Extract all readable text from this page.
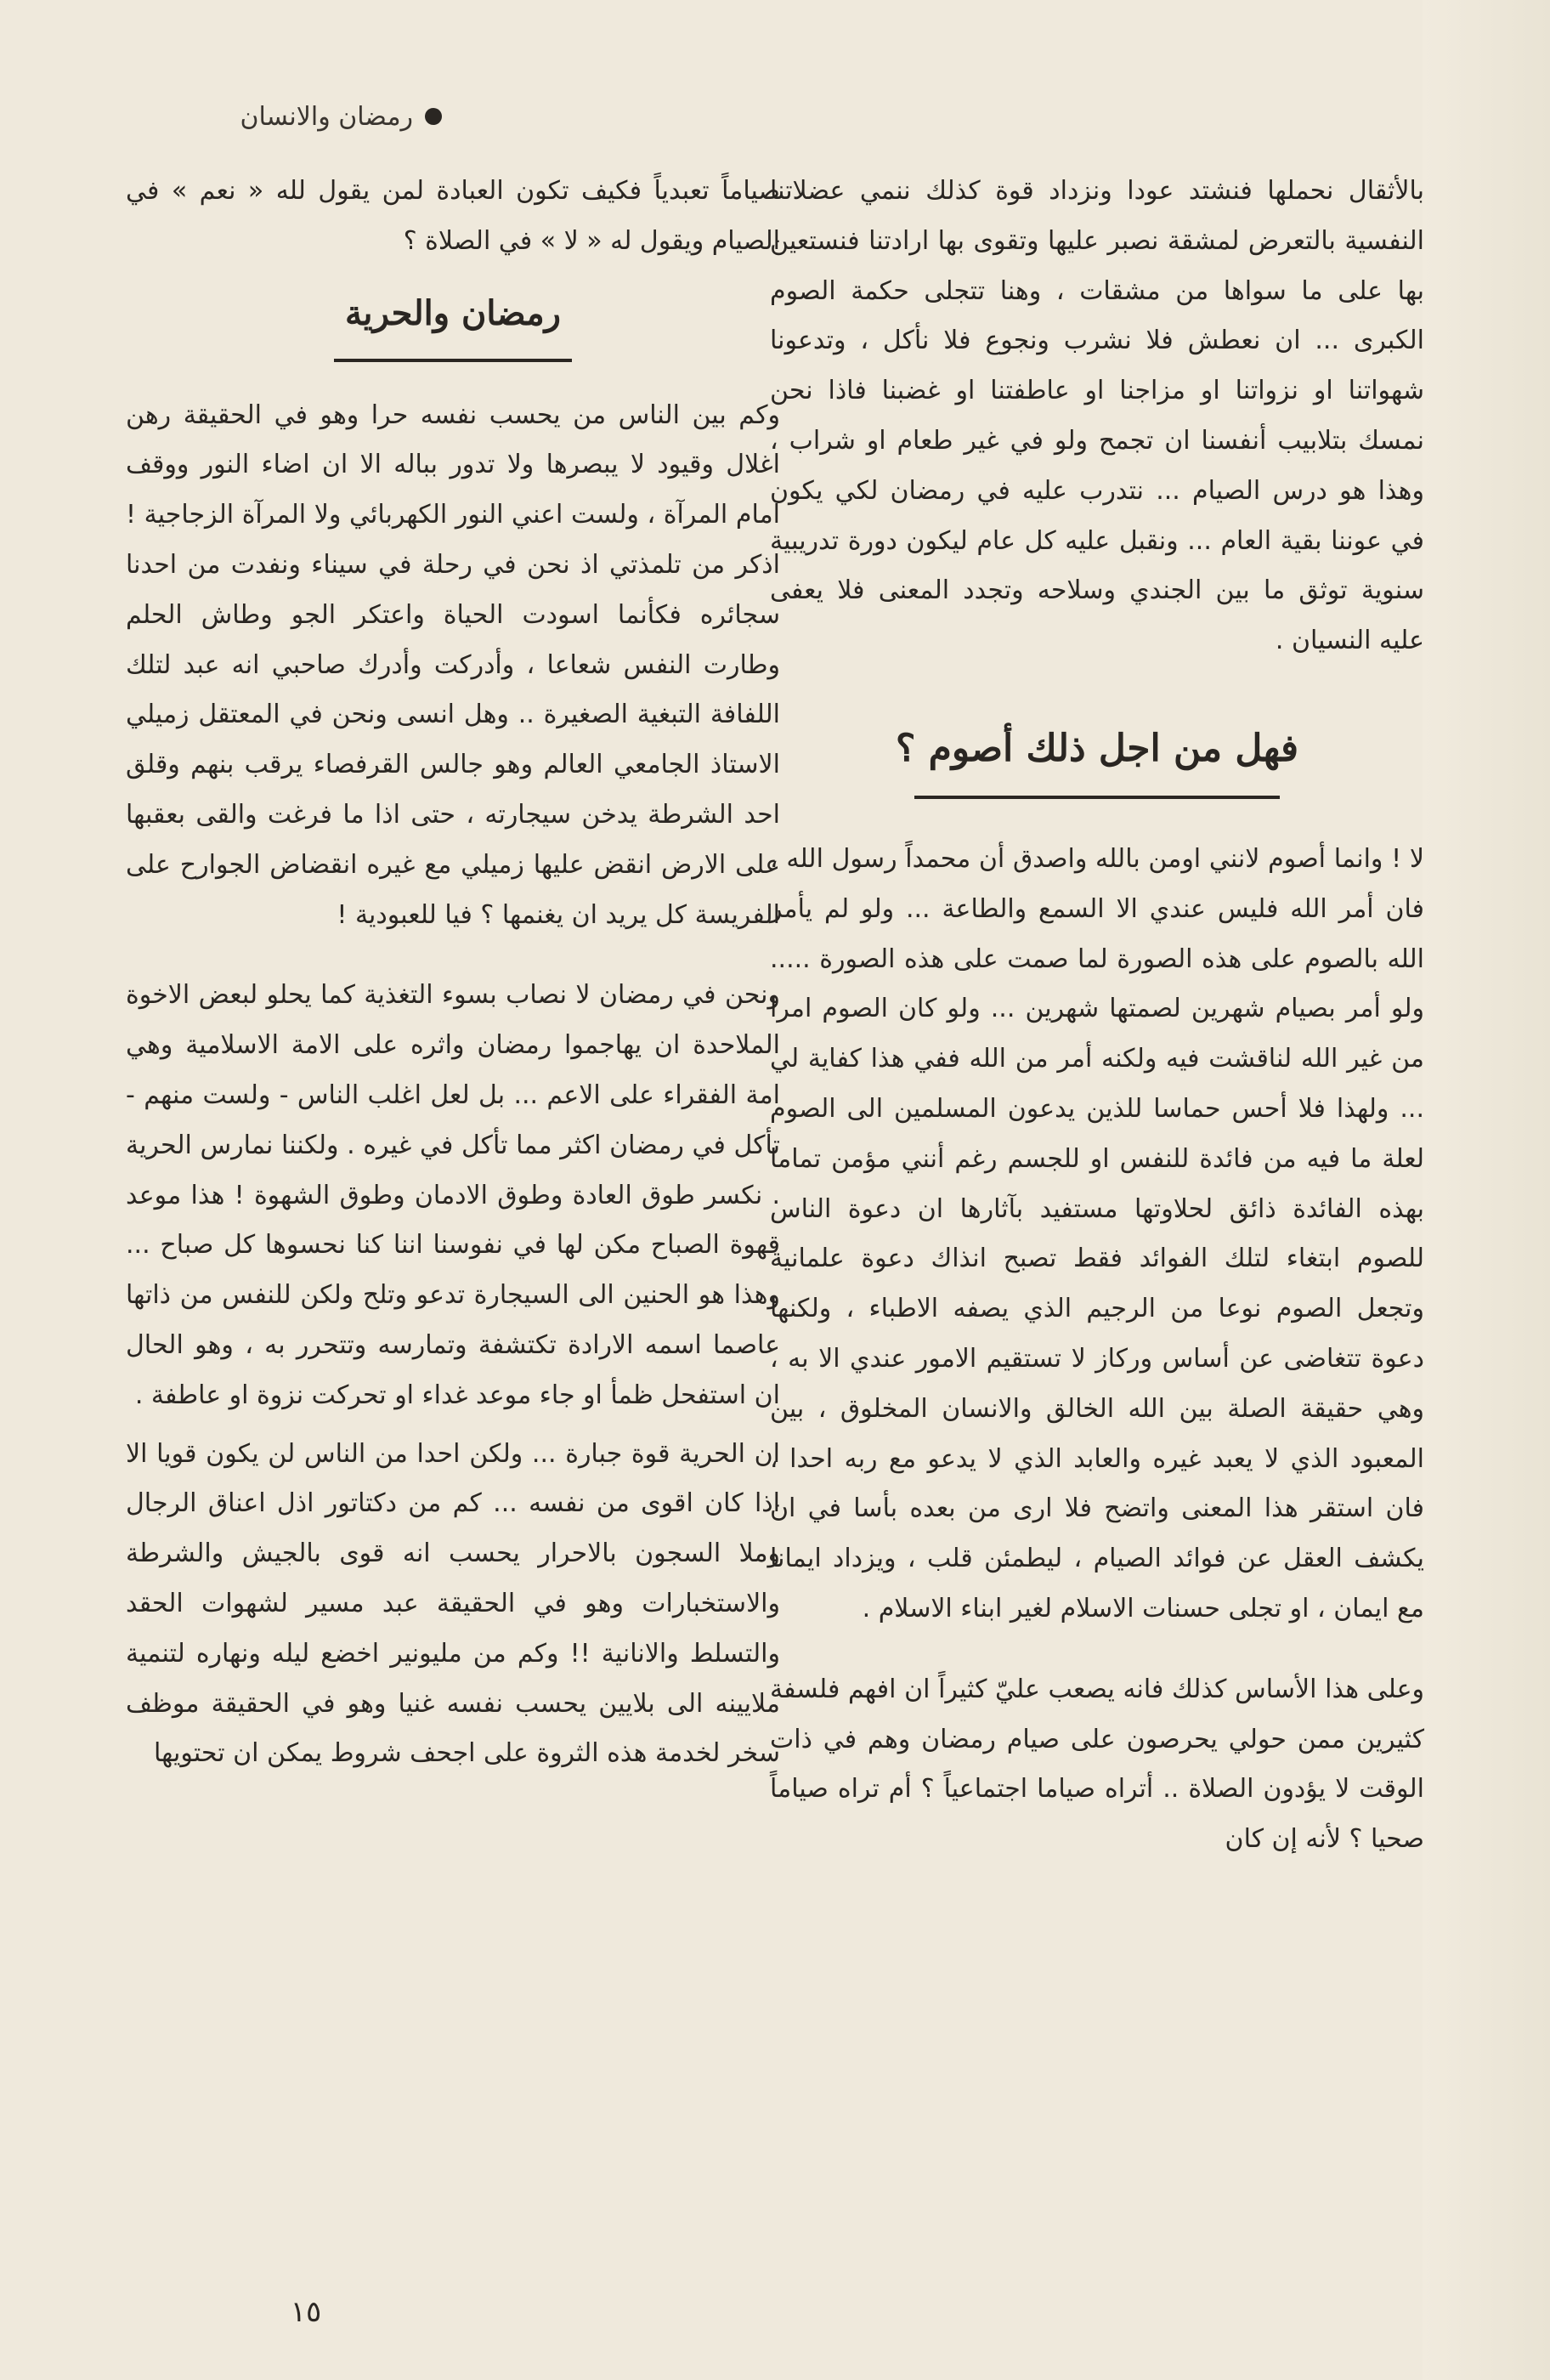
رمضان والانسان

بالأثقال نحملها فنشتد عودا ونزداد قوة كذلك ننمي عضلاتنا النفسية بالتعرض لمشقة نصبر عليها وتقوى بها ارادتنا فنستعين بها على ما سواها من مشقات ، وهنا تتجلى حكمة الصوم الكبرى ... ان نعطش فلا نشرب ونجوع فلا نأكل ، وتدعونا شهواتنا او نزواتنا او مزاجنا او عاطفتنا او غضبنا فاذا نحن نمسك بتلابيب أنفسنا ان تجمح ولو في غير طعام او شراب ، وهذا هو درس الصيام ... نتدرب عليه في رمضان لكي يكون في عوننا بقية العام ... ونقبل عليه كل عام ليكون دورة تدريبية سنوية توثق ما بين الجندي وسلاحه وتجدد المعنى فلا يعفى عليه النسيان .

فهل من اجل ذلك أصوم ؟

لا ! وانما أصوم لانني اومن بالله واصدق أن محمداً رسول الله ، فان أمر الله فليس عندي الا السمع والطاعة ... ولو لم يأمر الله بالصوم على هذه الصورة لما صمت على هذه الصورة ..... ولو أمر بصيام شهرين لصمتها شهرين ... ولو كان الصوم امرا من غير الله لناقشت فيه ولكنه أمر من الله ففي هذا كفاية لي ... ولهذا فلا أحس حماسا للذين يدعون المسلمين الى الصوم لعلة ما فيه من فائدة للنفس او للجسم رغم أنني مؤمن تماما بهذه الفائدة ذائق لحلاوتها مستفيد بآثارها ان دعوة الناس للصوم ابتغاء لتلك الفوائد فقط تصبح انذاك دعوة علمانية وتجعل الصوم نوعا من الرجيم الذي يصفه الاطباء ، ولكنها دعوة تتغاضى عن أساس وركاز لا تستقيم الامور عندي الا به ، وهي حقيقة الصلة بين الله الخالق والانسان المخلوق ، بين المعبود الذي لا يعبد غيره والعابد الذي لا يدعو مع ربه احدا ، فان استقر هذا المعنى واتضح فلا ارى من بعده بأسا في ان يكشف العقل عن فوائد الصيام ، ليطمئن قلب ، ويزداد ايمانا مع ايمان ، او تجلى حسنات الاسلام لغير ابناء الاسلام .

وعلى هذا الأساس كذلك فانه يصعب عليّ كثيراً ان افهم فلسفة كثيرين ممن حولي يحرصون على صيام رمضان وهم في ذات الوقت لا يؤدون الصلاة .. أتراه صياما اجتماعياً ؟ أم تراه صياماً صحيا ؟ لأنه إن كان

صياماً تعبدياً فكيف تكون العبادة لمن يقول لله « نعم » في الصيام ويقول له « لا » في الصلاة ؟

رمضان والحرية

وكم بين الناس من يحسب نفسه حرا وهو في الحقيقة رهن اغلال وقيود لا يبصرها ولا تدور بباله الا ان اضاء النور ووقف امام المرآة ، ولست اعني النور الكهربائي ولا المرآة الزجاجية ! اذكر من تلمذتي اذ نحن في رحلة في سيناء ونفدت من احدنا سجائره فكأنما اسودت الحياة واعتكر الجو وطاش الحلم وطارت النفس شعاعا ، وأدركت وأدرك صاحبي انه عبد لتلك اللفافة التبغية الصغيرة .. وهل انسى ونحن في المعتقل زميلي الاستاذ الجامعي العالم وهو جالس القرفصاء يرقب بنهم وقلق احد الشرطة يدخن سيجارته ، حتى اذا ما فرغت والقى بعقبها على الارض انقض عليها زميلي مع غيره انقضاض الجوارح على الفريسة كل يريد ان يغنمها ؟ فيا للعبودية !

ونحن في رمضان لا نصاب بسوء التغذية كما يحلو لبعض الاخوة الملاحدة ان يهاجموا رمضان واثره على الامة الاسلامية وهي امة الفقراء على الاعم ... بل لعل اغلب الناس - ولست منهم - تأكل في رمضان اكثر مما تأكل في غيره . ولكننا نمارس الحرية . نكسر طوق العادة وطوق الادمان وطوق الشهوة ! هذا موعد قهوة الصباح مكن لها في نفوسنا اننا كنا نحسوها كل صباح ... وهذا هو الحنين الى السيجارة تدعو وتلح ولكن للنفس من ذاتها عاصما اسمه الارادة تكتشفة وتمارسه وتتحرر به ، وهو الحال ان استفحل ظمأ او جاء موعد غداء او تحركت نزوة او عاطفة .

ان الحرية قوة جبارة ... ولكن احدا من الناس لن يكون قويا الا اذا كان اقوى من نفسه ... كم من دكتاتور اذل اعناق الرجال وملا السجون بالاحرار يحسب انه قوى بالجيش والشرطة والاستخبارات وهو في الحقيقة عبد مسير لشهوات الحقد والتسلط والانانية !! وكم من مليونير اخضع ليله ونهاره لتنمية ملايينه الى بلايين يحسب نفسه غنيا وهو في الحقيقة موظف سخر لخدمة هذه الثروة على اجحف شروط يمكن ان تحتويها

١٥
